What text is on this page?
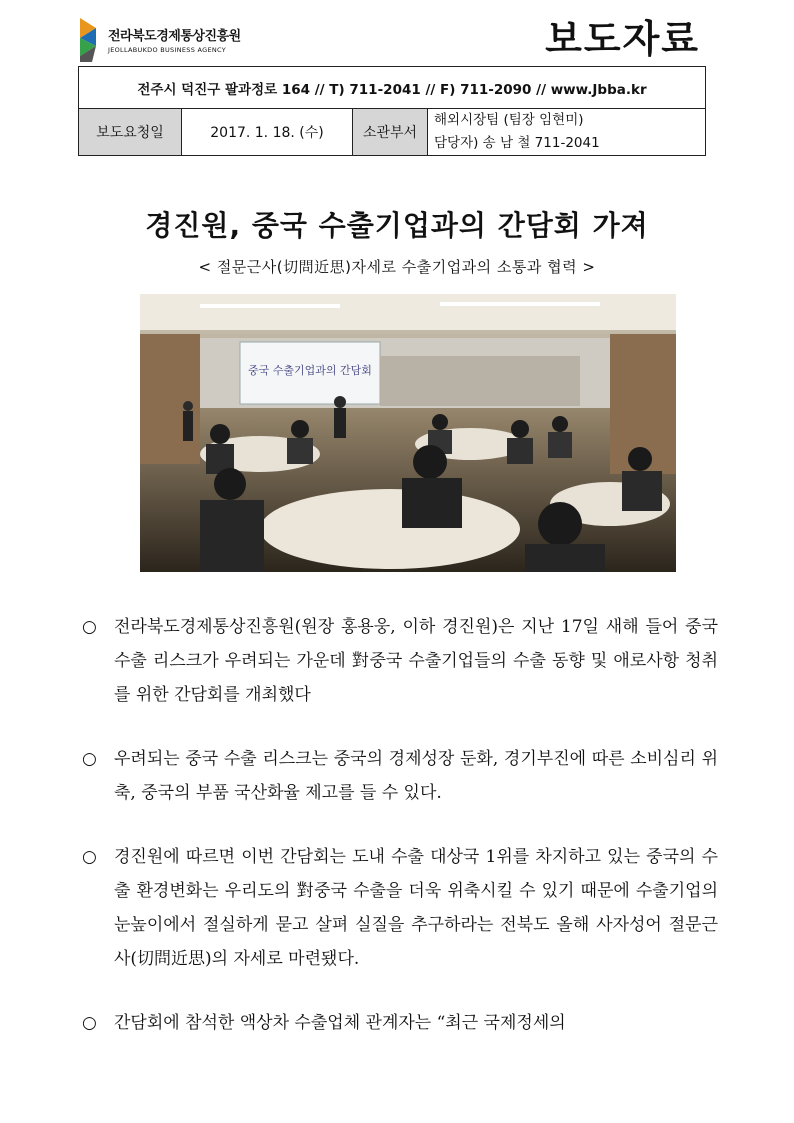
전라북도경제통상진흥원
JEOLLABUKDO BUSINESS AGENCY	보도자료
전주시 덕진구 팔과정로 164 // T) 711-2041 // F) 711-2090 // www.Jbba.kr
보도요청일	2017. 1. 18. (수)	소관부서	
해외시장팀 (팀장 임현미)
담당자) 송 남 철 711-2041
경진원, 중국 수출기업과의 간담회 가져
< 절문근사(切問近思)자세로 수출기업과의 소통과 협력 >
중국 수출기업과의 간담회
○ 전라북도경제통상진흥원(원장 홍용웅, 이하 경진원)은 지난 17일 새해 들어 중국 수출 리스크가 우려되는 가운데 對중국 수출기업들의 수출 동향 및 애로사항 청취를 위한 간담회를 개최했다
○ 우려되는 중국 수출 리스크는 중국의 경제성장 둔화, 경기부진에 따른 소비심리 위축, 중국의 부품 국산화율 제고를 들 수 있다.
○ 경진원에 따르면 이번 간담회는 도내 수출 대상국 1위를 차지하고 있는 중국의 수출 환경변화는 우리도의 對중국 수출을 더욱 위축시킬 수 있기 때문에 수출기업의 눈높이에서 절실하게 묻고 살펴 실질을 추구하라는 전북도 올해 사자성어 절문근사(切問近思)의 자세로 마련됐다.
○ 간담회에 참석한 액상차 수출업체 관계자는 “최근 국제정세의
